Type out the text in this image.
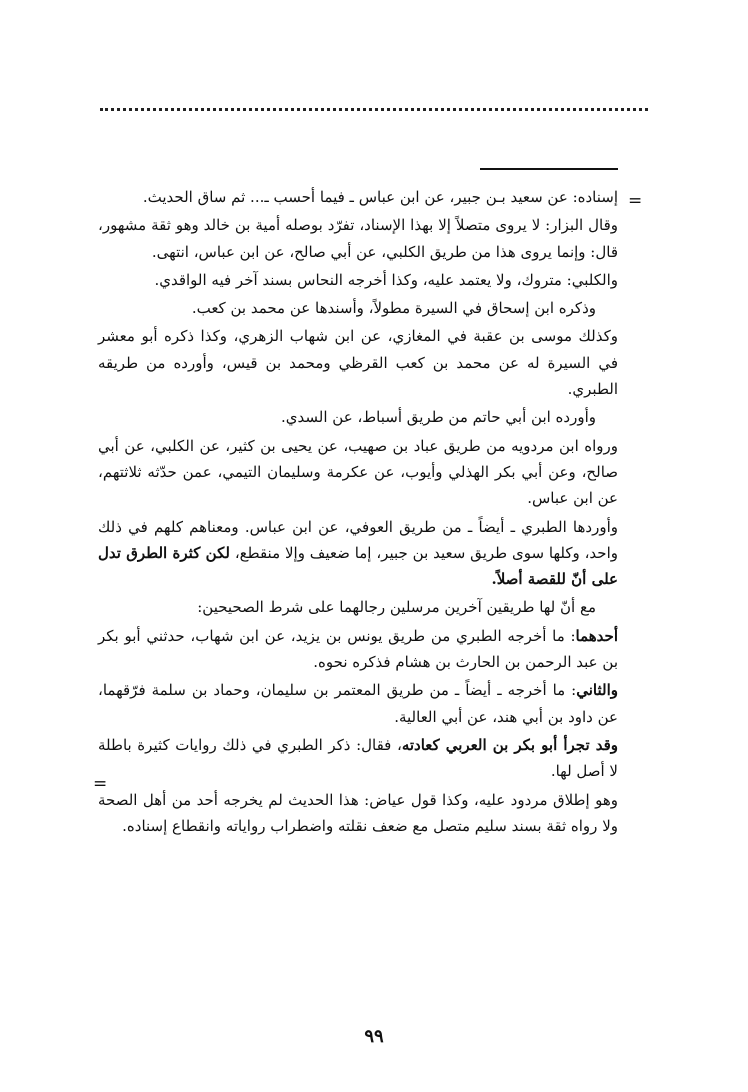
=

إسناده: عن سعيد بـن جبير، عن ابن عباس ـ فيما أحسب ـ... ثم ساق الحديث.

وقال البزار: لا يروى متصلاً إلا بهذا الإسناد، تفرّد بوصله أمية بن خالد وهو ثقة مشهور، قال: وإنما يروى هذا من طريق الكلبي، عن أبي صالح، عن ابن عباس، انتهى.

والكلبي: متروك، ولا يعتمد عليه، وكذا أخرجه النحاس بسند آخر فيه الواقدي.

وذكره ابن إسحاق في السيرة مطولاً، وأسندها عن محمد بن كعب.

وكذلك موسى بن عقبة في المغازي، عن ابن شهاب الزهري، وكذا ذكره أبو معشر في السيرة له عن محمد بن كعب القرظي ومحمد بن قيس، وأورده من طريقه الطبري.

وأورده ابن أبي حاتم من طريق أسباط، عن السدي.

ورواه ابن مردويه من طريق عباد بن صهيب، عن يحيى بن كثير، عن الكلبي، عن أبي صالح، وعن أبي بكر الهذلي وأيوب، عن عكرمة وسليمان التيمي، عمن حدّثه ثلاثتهم، عن ابن عباس.

وأوردها الطبري ـ أيضاً ـ من طريق العوفي، عن ابن عباس. ومعناهم كلهم في ذلك واحد، وكلها سوى طريق سعيد بن جبير، إما ضعيف وإلا منقطع، لكن كثرة الطرق تدل على أنّ للقصة أصلاً.

مع أنّ لها طريقين آخرين مرسلين رجالهما على شرط الصحيحين:

أحدهما: ما أخرجه الطبري من طريق يونس بن يزيد، عن ابن شهاب، حدثني أبو بكر بن عبد الرحمن بن الحارث بن هشام فذكره نحوه.

والثاني: ما أخرجه ـ أيضاً ـ من طريق المعتمر بن سليمان، وحماد بن سلمة فرّقهما، عن داود بن أبي هند، عن أبي العالية.

وقد تجرأ أبو بكر بن العربي كعادته، فقال: ذكر الطبري في ذلك روايات كثيرة باطلة لا أصل لها.

وهو إطلاق مردود عليه، وكذا قول عياض: هذا الحديث لم يخرجه أحد من أهل الصحة ولا رواه ثقة بسند سليم متصل مع ضعف نقلته واضطراب رواياته وانقطاع إسناده.

=
٩٩
